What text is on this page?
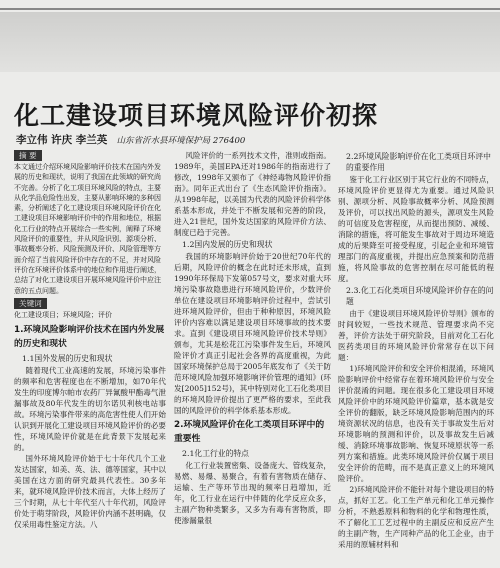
化工建设项目环境风险评价初探
李立伟 许庆 李兰英 山东省沂水县环境保护局 276400
摘 要
本文通过介绍环境风险影响评价技术在国内外发展的历史和现状，说明了我国在此领域的研究尚不完善。分析了化工项目环境风险的特点，主要从化学品危险性出发，主要从影响环境的多种因素，分析阐述了化工建设项目环境风险评价在化工建设项目环境影响评价中的作用和地位，根据化工行业的特点开展综合一些实例，阐释了环境风险评价的重要性，并从风险识别、源项分析、事故概率分析、风险预测及评价、风险管理等方面介绍了当前风险评价中存在的不足，并对风险评价在环境评价体系中的地位和作用进行阐述，总结了对化工建设项目开展环境风险评价中应注意的五点问题。
关键词
化工建设项目；环境风险；评价
1.环境风险影响评价技术在国内外发展的历史和现状
1.1国外发展的历史和现状

随着现代工业高速的发展，环境污染事件的频率和危害程度也在不断增加，如70年代发生的印度博尔帕市农药厂异氰酸甲酯毒气泄漏事故及80年代发生的切尔诺贝利核电站事故。环境污染事件带来的高危害性使人们开始认识到开展化工建设项目环境风险评价的必要性，环境风险评价就是在此背景下发展起来的。

国外环境风险评价始于七十年代几个工业发达国家，如美、英、法、德等国家，其中以美国在这方面的研究最具代表性。30多年来，就环境风险评价技术而言，大体上经历了三个时期，从七十年代至八十年代初，风险评价处于萌芽阶段，风险评价内涵不甚明确，仅仅采用毒性鉴定方法。八

风险评价的一系列技术文件，准则或指南。1989年，美国EPA还对1986年的指南进行了修改，1998年又颁布了《神经毒物风险评价指南》。同年正式出台了《生态风险评价指南》。从1998年起，以美国为代表的风险评价科学体系基本形成，并处于不断发展和完善的阶段，进入21世纪，国外发达国家的风险评价方法、制度已趋于完善。

1.2国内发展的历史和现状

我国的环境影响评价始于20世纪70年代的后期，风险评价的概念在此时还未形成，直到1990年环保局下发第057号文，要求对重大环境污染事故隐患进行环境风险评价，少数评价单位在建设项目环境影响评价过程中，尝试引进环境风险评价，但由于种种原因，环境风险评价内容难以满足建设项目环境事故的技术要求。直到《建设项目环境风险评价技术导则》颁布，尤其是松花江污染事件发生后，环境风险评价才真正引起社会各界的高度重视，为此国家环境保护总局于2005年底发布了《关于防范环境风险加强环境影响评价管理的通知》(环发[2005]152号)，其中特别对化工石化类项目的环境风险评价提出了更严格的要求，至此我国的风险评价的科学体系基本形成。

2.环境风险评价在化工类项目环评中的重要性
2.1化工行业的特点

化工行业装置密集、设备庞大、管线复杂，易燃、易爆、易聚合，有着有害物质在储存、运输、生产等环节出现的频率日趋增加，近年，化工行业在运行中伴随的化学反应众多，主副产物种类繁多，又多为有毒有害物质，即使渗漏量很

2.2环境风险影响评价在化工类项目环评中的重要作用

鉴于化工行业区别于其它行业的不同特点，环境风险评价更显得尤为重要。通过风险识别、源项分析、风险事故概率分析、风险预测及评价，可以找出风险的源头，源项发生风险的可信度及危害程度，从而提出预防、减缓、消除的措施，将可能发生事故对于周边环境造成的后果降至可接受程度，引起企业和环境管理部门的高度重视，并提出应急预案和防范措施，将风险事故的危害控制在尽可能低的程度。

2.3.化工石化类项目环境风险评价存在的问题

由于《建设项目环境风险评价导则》颁布的时间较短，一些技术规范、管理要求尚不完善，评价方法处于研究阶段，目前对化工石化医药类项目的环境风险评价常常存在以下问题：

1)环境风险评价和安全评价相混淆，环境风险影响评价中经常存在着环境风险评价与安全评价混淆的问题。现在很多化工建设项目环境风险评价中的环境风险评价篇章，基本就是安全评价的翻版，缺乏环境风险影响范围内的环境资源状况的信息，也没有关于事故发生后对环境影响的预测和评价，以及事故发生后减缓、消除环境事故影响、恢复环境原状等一系列方案和措施。此类环境风险评价仅属于项目安全评价的范畴，而不是真正意义上的环境风险评价。

2)环境风险评价不能针对每个建设项目的特点，抓好工艺。化工生产单元和化工单元操作分析，不熟悉原料和物料的化学和物理性质，不了解化工工艺过程中的主副反应和反应产生的主副产物，生产同种产品的化工企业，由于采用的原辅材料和
